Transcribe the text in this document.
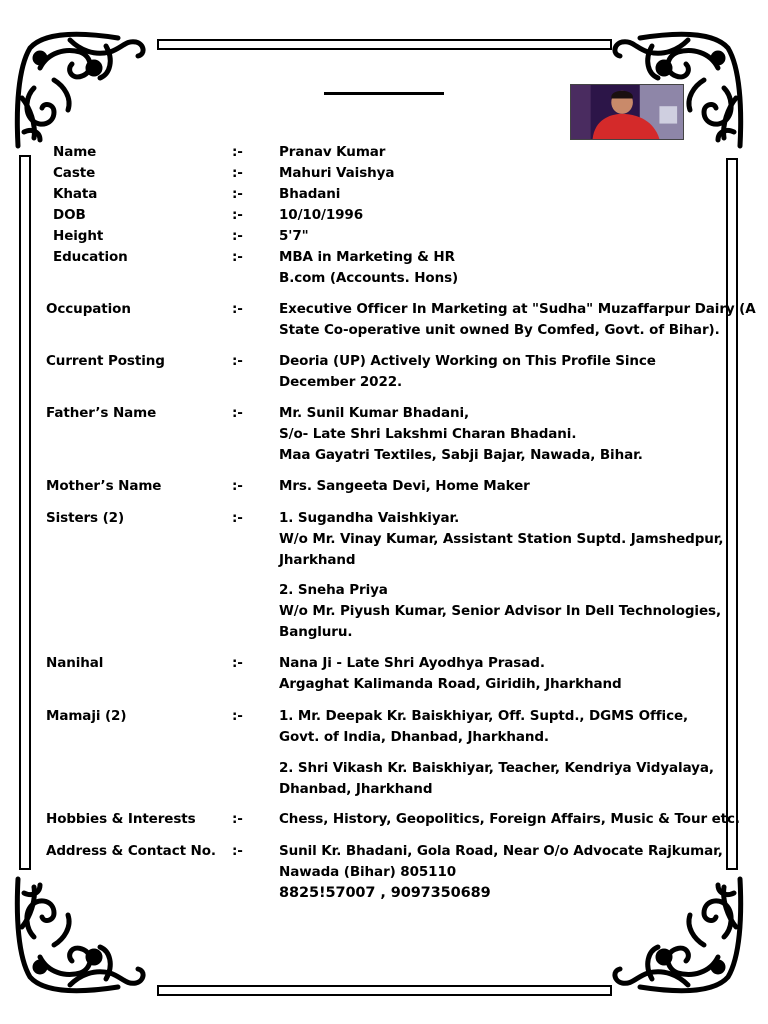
Name	:-	Pranav Kumar
Caste	:-	Mahuri Vaishya
Khata	:-	Bhadani
DOB	:-	10/10/1996
Height	:-	5'7"
Education	:-	MBA in Marketing & HR
B.com (Accounts. Hons)
Occupation	:-	Executive Officer In Marketing at "Sudha" Muzaffarpur Dairy (A
State Co-operative unit owned By Comfed, Govt. of Bihar).
Current Posting	:-	Deoria (UP) Actively Working on This Profile Since
December 2022.
Father’s Name	:-	Mr. Sunil Kumar Bhadani,
S/o- Late Shri Lakshmi Charan Bhadani.
Maa Gayatri Textiles, Sabji Bajar, Nawada, Bihar.
Mother’s Name	:-	Mrs. Sangeeta Devi, Home Maker
Sisters (2)	:-	1. Sugandha Vaishkiyar.
W/o Mr. Vinay Kumar, Assistant Station Suptd. Jamshedpur,
Jharkhand
2. Sneha Priya
W/o Mr. Piyush Kumar, Senior Advisor In Dell Technologies,
Bangluru.
Nanihal	:-	Nana Ji - Late Shri Ayodhya Prasad.
Argaghat Kalimanda Road, Giridih, Jharkhand
Mamaji (2)	:-	1. Mr. Deepak Kr. Baiskhiyar, Off. Suptd., DGMS Office,
Govt. of India, Dhanbad, Jharkhand.
2. Shri Vikash Kr. Baiskhiyar, Teacher, Kendriya Vidyalaya,
Dhanbad, Jharkhand
Hobbies & Interests	:-	Chess, History, Geopolitics, Foreign Affairs, Music & Tour etc.
Address & Contact No. :-	Sunil Kr. Bhadani, Gola Road, Near O/o Advocate Rajkumar,
Nawada (Bihar) 805110
8825!57007 , 9097350689
